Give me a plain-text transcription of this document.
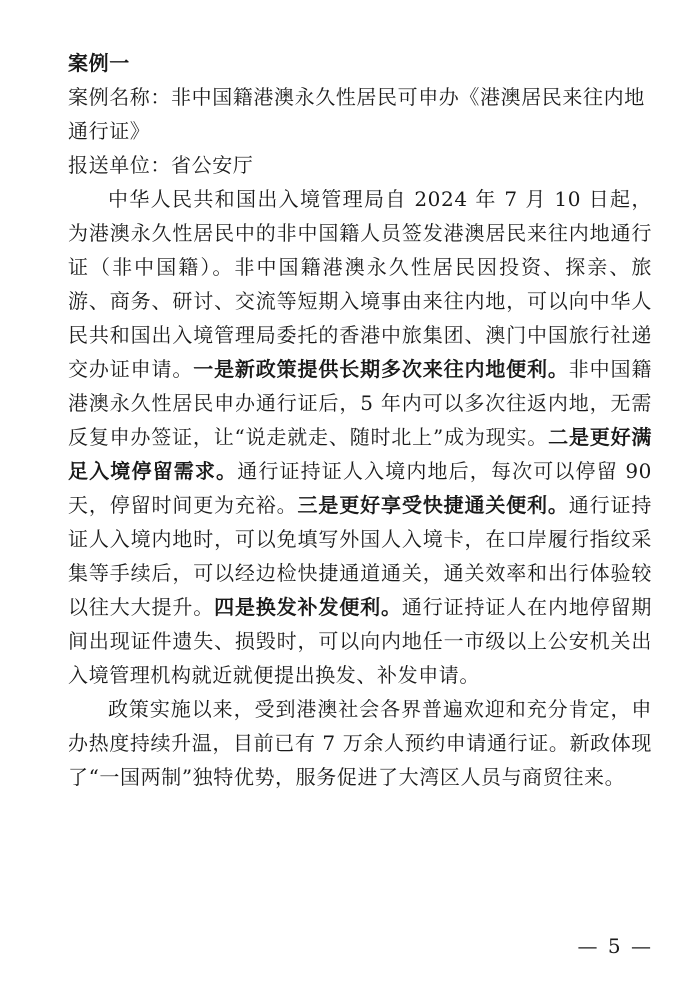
案例一
案例名称：非中国籍港澳永久性居民可申办《港澳居民来往内地通行证》
报送单位：省公安厅

中华人民共和国出入境管理局自 2024 年 7 月 10 日起，为港澳永久性居民中的非中国籍人员签发港澳居民来往内地通行证（非中国籍）。非中国籍港澳永久性居民因投资、探亲、旅游、商务、研讨、交流等短期入境事由来往内地，可以向中华人民共和国出入境管理局委托的香港中旅集团、澳门中国旅行社递交办证申请。一是新政策提供长期多次来往内地便利。非中国籍港澳永久性居民申办通行证后，5 年内可以多次往返内地，无需反复申办签证，让“说走就走、随时北上”成为现实。二是更好满足入境停留需求。通行证持证人入境内地后，每次可以停留 90 天，停留时间更为充裕。三是更好享受快捷通关便利。通行证持证人入境内地时，可以免填写外国人入境卡，在口岸履行指纹采集等手续后，可以经边检快捷通道通关，通关效率和出行体验较以往大大提升。四是换发补发便利。通行证持证人在内地停留期间出现证件遗失、损毁时，可以向内地任一市级以上公安机关出入境管理机构就近就便提出换发、补发申请。

政策实施以来，受到港澳社会各界普遍欢迎和充分肯定，申办热度持续升温，目前已有 7 万余人预约申请通行证。新政体现了“一国两制”独特优势，服务促进了大湾区人员与商贸往来。

— 5 —
